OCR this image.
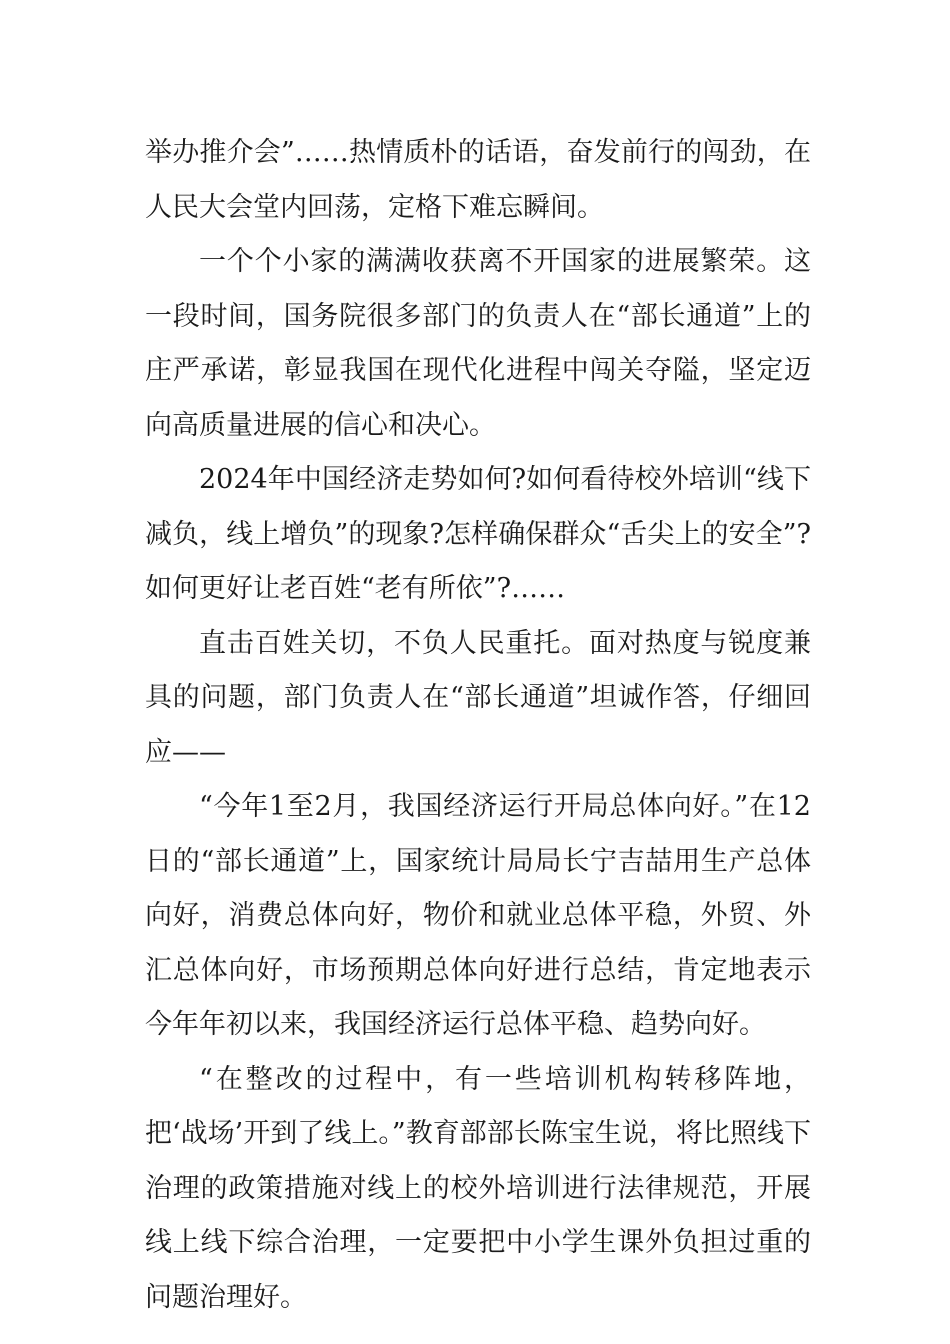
举办推介会”……热情质朴的话语，奋发前行的闯劲，在人民大会堂内回荡，定格下难忘瞬间。

一个个小家的满满收获离不开国家的进展繁荣。这一段时间，国务院很多部门的负责人在“部长通道”上的庄严承诺，彰显我国在现代化进程中闯关夺隘，坚定迈向高质量进展的信心和决心。

2024年中国经济走势如何?如何看待校外培训“线下减负，线上增负”的现象?怎样确保群众“舌尖上的安全”?如何更好让老百姓“老有所依”?……

直击百姓关切，不负人民重托。面对热度与锐度兼具的问题，部门负责人在“部长通道”坦诚作答，仔细回应——

“今年1至2月，我国经济运行开局总体向好。”在12日的“部长通道”上，国家统计局局长宁吉喆用生产总体向好，消费总体向好，物价和就业总体平稳，外贸、外汇总体向好，市场预期总体向好进行总结，肯定地表示今年年初以来，我国经济运行总体平稳、趋势向好。

“在整改的过程中，有一些培训机构转移阵地，把‘战场’开到了线上。”教育部部长陈宝生说，将比照线下治理的政策措施对线上的校外培训进行法律规范，开展线上线下综合治理，一定要把中小学生课外负担过重的问题治理好。
